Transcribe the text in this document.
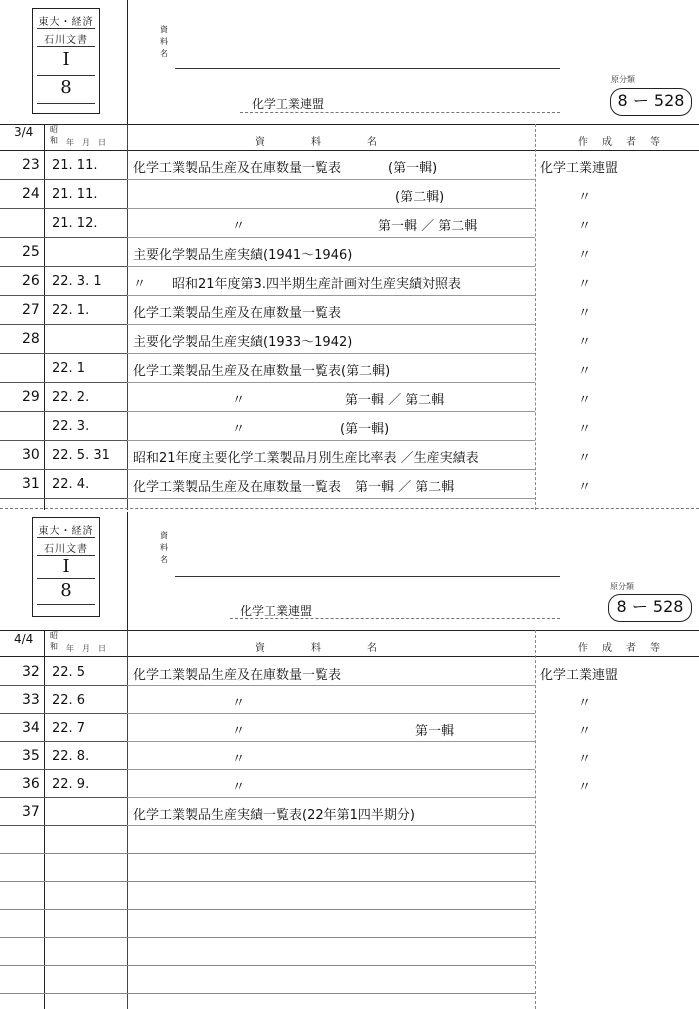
東大・経済
石川文書
I
8
資料名
化学工業連盟
原分類
8 ー 528
3/4 昭和 年　月　日	資　料　名	作　成　者　等
23 21. 11.	化学工業製品生産及在庫数量一覧表	(第一輯)	化学工業連盟
24 21. 11.	(第二輯)	〃
21. 12.	〃	第一輯 ／ 第二輯	〃
25	主要化学製品生産実績(1941〜1946)	〃
26 22. 3. 1 〃　　昭和21年度第3.四半期生産計画対生産実績対照表	〃
27 22. 1.	化学工業製品生産及在庫数量一覧表	〃
28	主要化学製品生産実績(1933〜1942)	〃
22. 1	化学工業製品生産及在庫数量一覧表(第二輯)	〃
29 22. 2.	〃	第一輯 ／ 第二輯	〃
22. 3.	〃	(第一輯)	〃
30 22. 5. 31 昭和21年度主要化学工業製品月別生産比率表 ／生産実績表	〃
31 22. 4.	化学工業製品生産及在庫数量一覧表 第一輯 ／ 第二輯	〃
東大・経済
石川文書
I
8
資料名
化学工業連盟
原分類
8 ー 528
4/4 昭和 年　月　日	資　料　名	作　成　者　等
32 22. 5	化学工業製品生産及在庫数量一覧表	化学工業連盟
33 22. 6	〃	〃
34 22. 7	〃	第一輯	〃
35 22. 8.	〃	〃
36 22. 9.	〃	〃
37	化学工業製品生産実績一覧表(22年第1四半期分)
